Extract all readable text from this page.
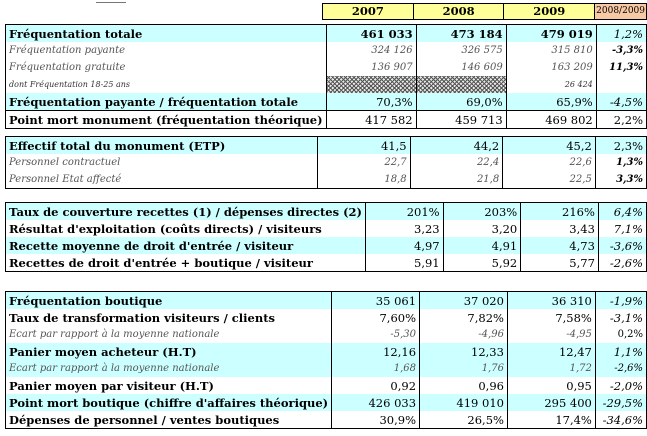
2007	2008	2009	2008/2009
Fréquentation totale	461 033	473 184	479 019	1,2%
Fréquentation payante	324 126	326 575	315 810	-3,3%
Fréquentation gratuite	136 907	146 609	163 209	11,3%
dont Fréquentation 18-25 ans			26 424	
Fréquentation payante / fréquentation totale	70,3%	69,0%	65,9%	-4,5%
Point mort monument (fréquentation théorique)	417 582	459 713	469 802	2,2%
Effectif total du monument (ETP)	41,5	44,2	45,2	2,3%
Personnel contractuel	22,7	22,4	22,6	1,3%
Personnel Etat affecté	18,8	21,8	22,5	3,3%
Taux de couverture recettes (1) / dépenses directes (2)	201%	203%	216%	6,4%
Résultat d'exploitation (coûts directs) / visiteurs	3,23	3,20	3,43	7,1%
Recette moyenne de droit d'entrée / visiteur	4,97	4,91	4,73	-3,6%
Recettes de droit d'entrée + boutique / visiteur	5,91	5,92	5,77	-2,6%
Fréquentation boutique	35 061	37 020	36 310	-1,9%
Taux de transformation visiteurs / clients	7,60%	7,82%	7,58%	-3,1%
Ecart par rapport à la moyenne nationale	-5,30	-4,96	-4,95	0,2%
Panier moyen acheteur (H.T)	12,16	12,33	12,47	1,1%
Ecart par rapport à la moyenne nationale	1,68	1,76	1,72	-2,6%
Panier moyen par visiteur (H.T)	0,92	0,96	0,95	-2,0%
Point mort boutique (chiffre d'affaires théorique)	426 033	419 010	295 400	-29,5%
Dépenses de personnel / ventes boutiques	30,9%	26,5%	17,4%	-34,6%
